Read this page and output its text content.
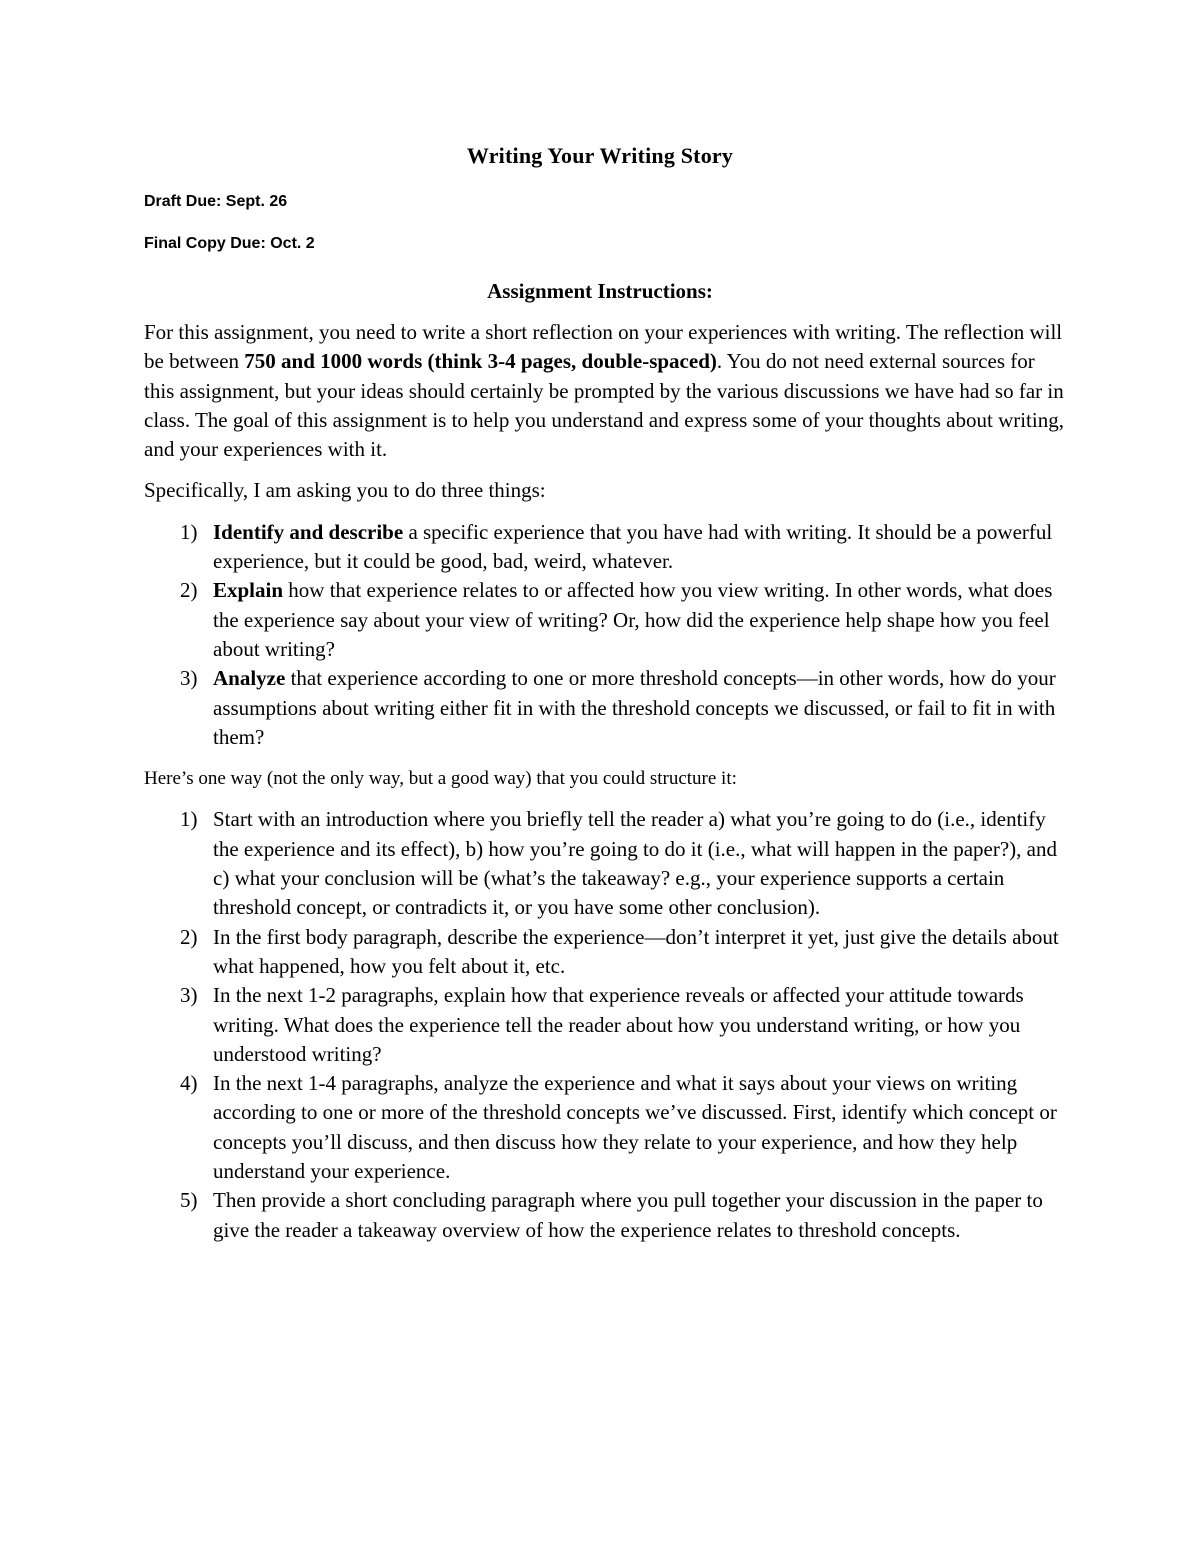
Writing Your Writing Story
Draft Due: Sept. 26
Final Copy Due: Oct. 2
Assignment Instructions:

For this assignment, you need to write a short reflection on your experiences with writing. The reflection will be between 750 and 1000 words (think 3-4 pages, double-spaced). You do not need external sources for this assignment, but your ideas should certainly be prompted by the various discussions we have had so far in class. The goal of this assignment is to help you understand and express some of your thoughts about writing, and your experiences with it.

Specifically, I am asking you to do three things:

1) Identify and describe a specific experience that you have had with writing. It should be a powerful experience, but it could be good, bad, weird, whatever.
2) Explain how that experience relates to or affected how you view writing. In other words, what does the experience say about your view of writing? Or, how did the experience help shape how you feel about writing?
3) Analyze that experience according to one or more threshold concepts—in other words, how do your assumptions about writing either fit in with the threshold concepts we discussed, or fail to fit in with them?

Here’s one way (not the only way, but a good way) that you could structure it:

1) Start with an introduction where you briefly tell the reader a) what you’re going to do (i.e., identify the experience and its effect), b) how you’re going to do it (i.e., what will happen in the paper?), and c) what your conclusion will be (what’s the takeaway? e.g., your experience supports a certain threshold concept, or contradicts it, or you have some other conclusion).
2) In the first body paragraph, describe the experience—don’t interpret it yet, just give the details about what happened, how you felt about it, etc.
3) In the next 1-2 paragraphs, explain how that experience reveals or affected your attitude towards writing. What does the experience tell the reader about how you understand writing, or how you understood writing?
4) In the next 1-4 paragraphs, analyze the experience and what it says about your views on writing according to one or more of the threshold concepts we’ve discussed. First, identify which concept or concepts you’ll discuss, and then discuss how they relate to your experience, and how they help understand your experience.
5) Then provide a short concluding paragraph where you pull together your discussion in the paper to give the reader a takeaway overview of how the experience relates to threshold concepts.
